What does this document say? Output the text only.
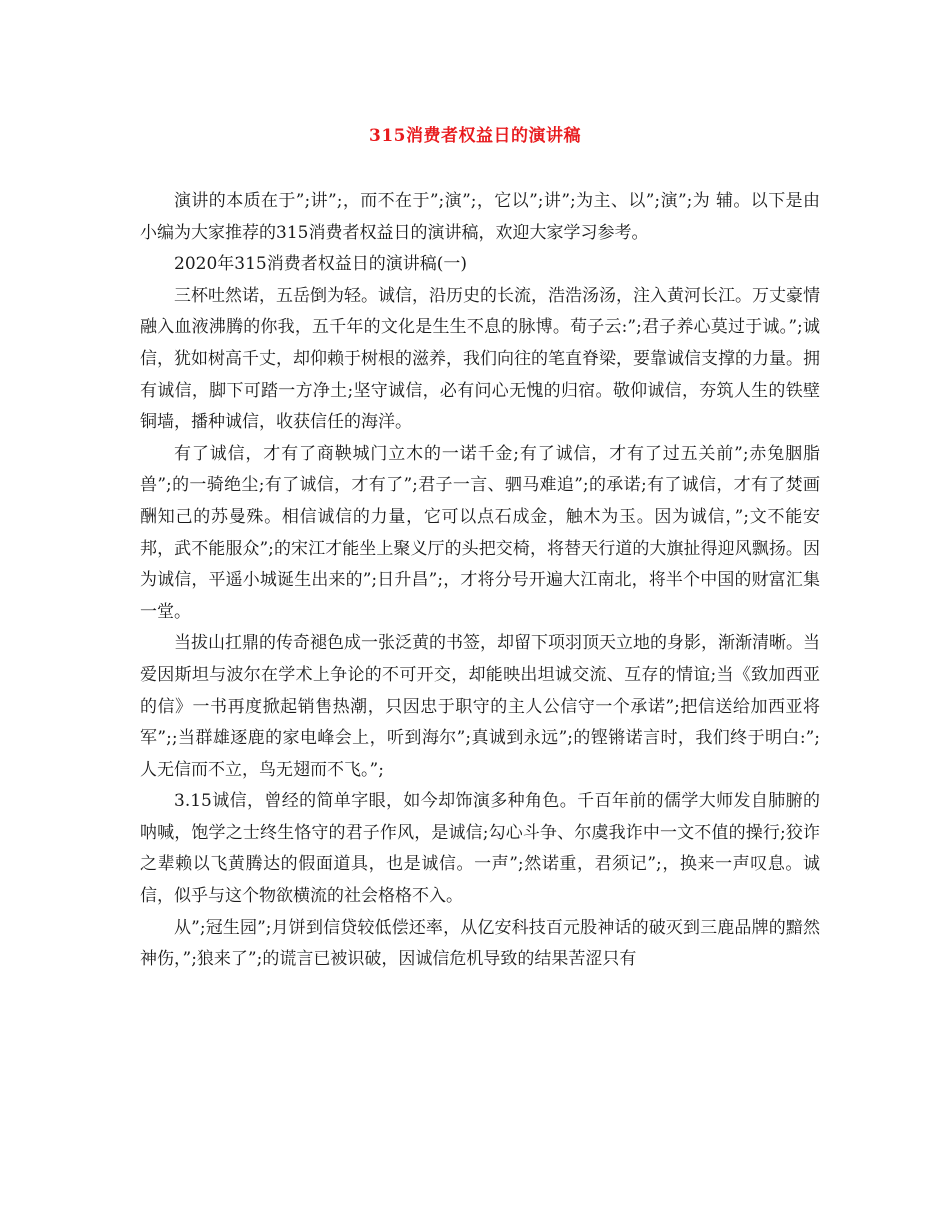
315消费者权益日的演讲稿

演讲的本质在于”;讲”;，而不在于”;演”;，它以”;讲”;为主、以”;演”;为 辅。以下是由小编为大家推荐的315消费者权益日的演讲稿，欢迎大家学习参考。

2020年315消费者权益日的演讲稿(一)

三杯吐然诺，五岳倒为轻。诚信，沿历史的长流，浩浩汤汤，注入黄河长江。万丈豪情融入血液沸腾的你我，五千年的文化是生生不息的脉博。荀子云:”;君子养心莫过于诚。”;诚信，犹如树高千丈，却仰赖于树根的滋养，我们向往的笔直脊梁，要靠诚信支撑的力量。拥有诚信，脚下可踏一方净土;坚守诚信，必有问心无愧的归宿。敬仰诚信，夯筑人生的铁壁铜墙，播种诚信，收获信任的海洋。

有了诚信，才有了商鞅城门立木的一诺千金;有了诚信，才有了过五关前”;赤兔胭脂兽”;的一骑绝尘;有了诚信，才有了”;君子一言、驷马难追”;的承诺;有了诚信，才有了焚画酬知己的苏曼殊。相信诚信的力量，它可以点石成金，触木为玉。因为诚信，”;文不能安邦，武不能服众”;的宋江才能坐上聚义厅的头把交椅，将替天行道的大旗扯得迎风飘扬。因为诚信，平遥小城诞生出来的”;日升昌”;，才将分号开遍大江南北，将半个中国的财富汇集一堂。

当拔山扛鼎的传奇褪色成一张泛黄的书签，却留下项羽顶天立地的身影，渐渐清晰。当爱因斯坦与波尔在学术上争论的不可开交，却能映出坦诚交流、互存的情谊;当《致加西亚的信》一书再度掀起销售热潮，只因忠于职守的主人公信守一个承诺”;把信送给加西亚将军”;;当群雄逐鹿的家电峰会上，听到海尔”;真诚到永远”;的铿锵诺言时，我们终于明白:”;人无信而不立，鸟无翅而不飞。”;

3.15诚信，曾经的简单字眼，如今却饰演多种角色。千百年前的儒学大师发自肺腑的呐喊，饱学之士终生恪守的君子作风，是诚信;勾心斗争、尔虞我诈中一文不值的操行;狡诈之辈赖以飞黄腾达的假面道具，也是诚信。一声”;然诺重，君须记”;，换来一声叹息。诚信，似乎与这个物欲横流的社会格格不入。

从”;冠生园”;月饼到信贷较低偿还率，从亿安科技百元股神话的破灭到三鹿品牌的黯然神伤，”;狼来了”;的谎言已被识破，因诚信危机导致的结果苦涩只有
